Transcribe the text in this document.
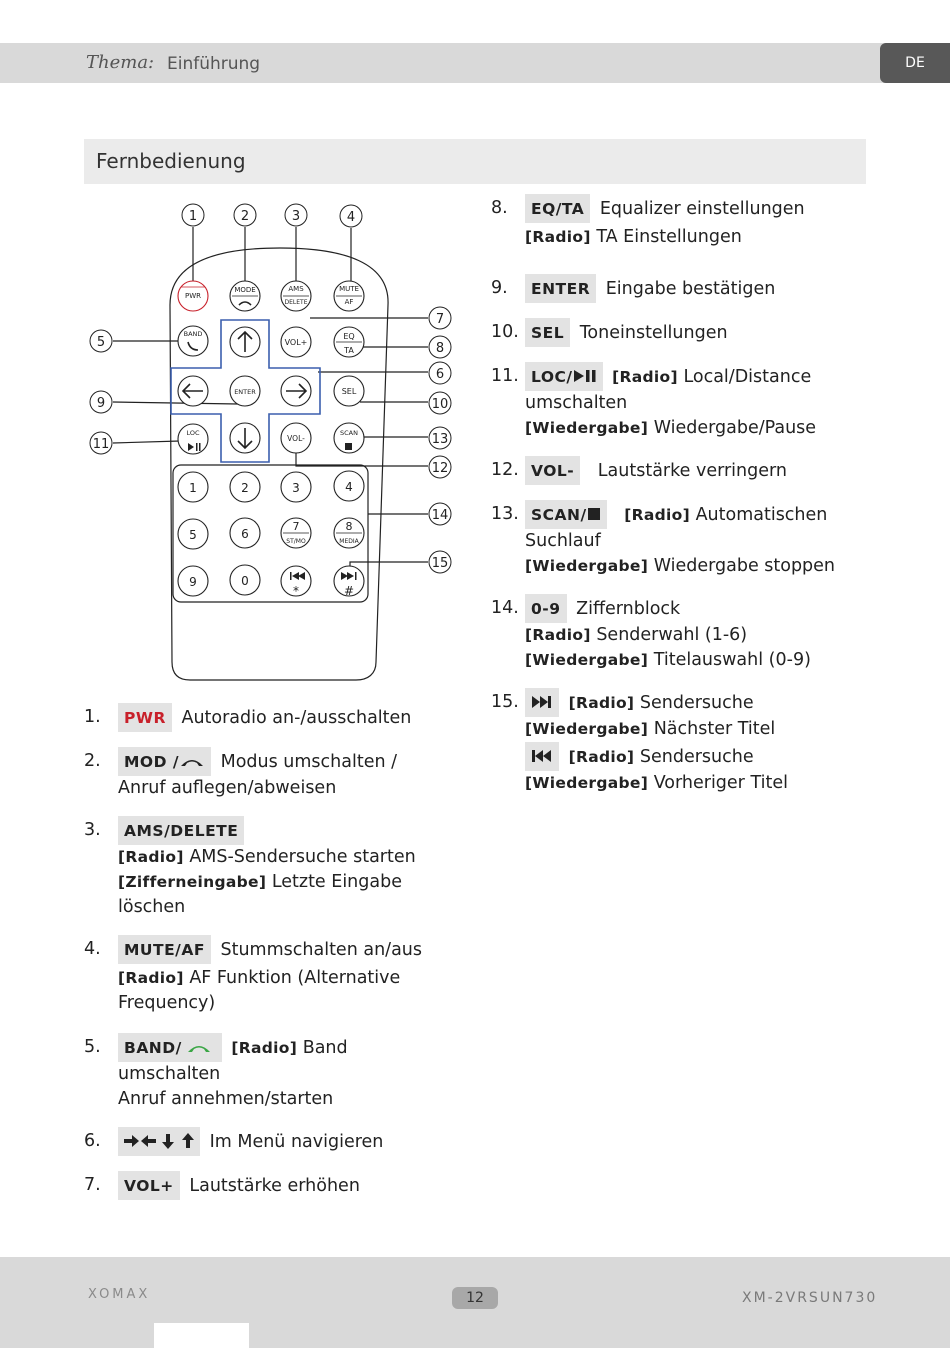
Thema: Einführung	DE
Fernbedienung
1	2	3	4
5
6
7
8
9	10
11
12
13
14
15
PWR
MODE	AMS
DELETE
MUTE
AF
BAND
VOL+
EQ
TA
ENTER	SEL
LOC
VOL-
SCAN
1	2	3	4
5	6
7	8
9	0
*	#
ST/MO	MEDIA
1.	PWR Autoradio an-/ausschalten
2.	MOD / Modus umschalten /
Anruf auflegen/abweisen
3.	AMS/DELETE
[Radio] AMS-Sendersuche starten
[Zifferneingabe] Letzte Eingabe
löschen
4.	MUTE/AF Stummschalten an/aus
[Radio] AF Funktion (Alternative
Frequency)
5.	BAND/	[Radio] Band
umschalten
Anruf annehmen/starten
6.	Im Menü navigieren
7.	VOL+ Lautstärke erhöhen
8.	EQ/TA Equalizer einstellungen
[Radio] TA Einstellungen
9.	ENTER Eingabe bestätigen
10. SEL Toneinstellungen
11. LOC/	[Radio] Local/Distance
umschalten
[Wiedergabe] Wiedergabe/Pause
12. VOL- Lautstärke verringern
13. SCAN/ [Radio] Automatischen
Suchlauf
[Wiedergabe] Wiedergabe stoppen
14. 0-9 Ziffernblock
[Radio] Senderwahl (1-6)
[Wiedergabe] Titelauswahl (0-9)
15.	[Radio] Sendersuche
[Wiedergabe] Nächster Titel
[Radio] Sendersuche
[Wiedergabe] Vorheriger Titel
XOMAX	12	XM-2VRSUN730
